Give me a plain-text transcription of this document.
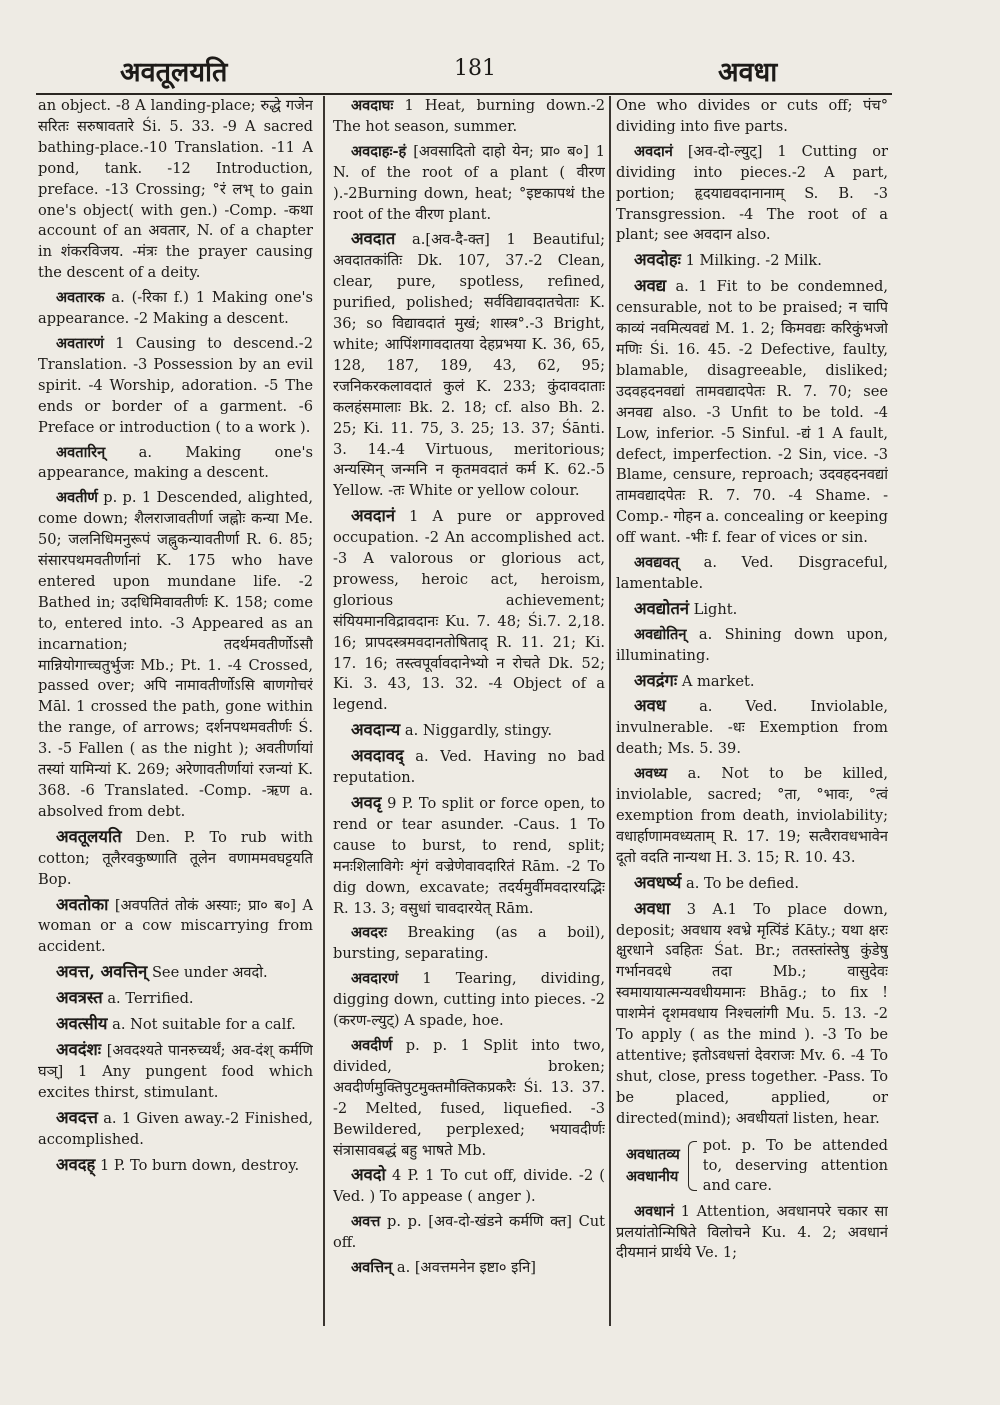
अवतूलयति	181	अवधा

an object. -8 A landing-place; रुद्धे गजेन सरितः सरुषावतारे Śi. 5. 33. -9 A sacred bathing-place.-10 Translation. -11 A pond, tank. -12 Introduction, preface. -13 Crossing; °रं लभ् to gain one's object( with gen.) -Comp. -कथा account of an अवतार, N. of a chapter in शंकरविजय. -मंत्रः the prayer causing the descent of a deity.

अवतारक a. (-रिका f.) 1 Making one's appearance. -2 Making a descent.

अवतारणं 1 Causing to descend.-2 Translation. -3 Possession by an evil spirit. -4 Worship, adoration. -5 The ends or border of a garment. -6 Preface or introduction ( to a work ).

अवतारिन् a. Making one's appearance, making a descent.

अवतीर्ण p. p. 1 Descended, alighted, come down; शैलराजावतीर्णा जह्नोः कन्या Me. 50; जलनिधिमनुरूपं जह्नुकन्यावतीर्णा R. 6. 85; संसारपथमवतीर्णानां K. 175 who have entered upon mundane life. -2 Bathed in; उदधिमिवावतीर्णः K. 158; come to, entered into. -3 Appeared as an incarnation; तदर्थमवतीर्णोऽसौ मान्नियोगाच्चतुर्भुजः Mb.; Pt. 1. -4 Crossed, passed over; अपि नामावतीर्णोऽसि बाणगोचरं Māl. 1 crossed the path, gone within the range, of arrows; दर्शनपथमवतीर्णः Ś. 3. -5 Fallen ( as the night ); अवतीर्णायां तस्यां यामिन्यां K. 269; अरेणावतीर्णायां रजन्यां K. 368. -6 Translated. -Comp. -ऋण a. absolved from debt.

अवतूलयति Den. P. To rub with cotton; तूलैरवकुष्णाति तूलेन वणाममवघट्टयति Bop.

अवतोका [अवपतितं तोकं अस्याः; प्रा० ब०] A woman or a cow miscarrying from accident.

अवत्त, अवत्तिन् See under अवदो.

अवत्रस्त a. Terrified.

अवत्सीय a. Not suitable for a calf.

अवदंशः [अवदश्यते पानरुच्यर्थं; अव-दंश् कर्मणि घञ्] 1 Any pungent food which excites thirst, stimulant.

अवदत्त a. 1 Given away.-2 Finished, accomplished.

अवदह् 1 P. To burn down, destroy.

अवदाघः 1 Heat, burning down.-2 The hot season, summer.

अवदाहः-हं [अवसादितो दाहो येन; प्रा० ब०] 1 N. of the root of a plant ( वीरण ).-2Burning down, heat; °इष्टकापथं the root of the वीरण plant.

अवदात a.[अव-दै-क्त] 1 Beautiful; अवदातकांतिः Dk. 107, 37.-2 Clean, clear, pure, spotless, refined, purified, polished; सर्वविद्यावदातचेताः K. 36; so विद्यावदातं मुखं; शास्त्र°.-3 Bright, white; आपिंशगावदातया देहप्रभया K. 36, 65, 128, 187, 189, 43, 62, 95; रजनिकरकलावदातं कुलं K. 233; कुंदावदाताः कलहंसमालाः Bk. 2. 18; cf. also Bh. 2. 25; Ki. 11. 75, 3. 25; 13. 37; Śānti. 3. 14.-4 Virtuous, meritorious; अन्यस्मिन् जन्मनि न कृतमवदातं कर्म K. 62.-5 Yellow. -तः White or yellow colour.

अवदानं 1 A pure or approved occupation. -2 An accomplished act. -3 A valorous or glorious act, prowess, heroic act, heroism, glorious achievement; संयियमानविद्रावदानः Ku. 7. 48; Śi.7. 2,18. 16; प्रापदस्त्रमवदानतोषिताद् R. 11. 21; Ki. 17. 16; तस्त्वपूर्वावदानेभ्यो न रोचते Dk. 52; Ki. 3. 43, 13. 32. -4 Object of a legend.

अवदान्य a. Niggardly, stingy.

अवदावद् a. Ved. Having no bad reputation.

अवदृ 9 P. To split or force open, to rend or tear asunder. -Caus. 1 To cause to burst, to rend, split; मनःशिलाविगेः शृंगं वज्रेणेवावदारितं Rām. -2 To dig down, excavate; तदर्यमुर्वीमवदारयद्भिः R. 13. 3; वसुधां चावदारयेत् Rām.

अवदरः Breaking (as a boil), bursting, separating.

अवदारणं 1 Tearing, dividing, digging down, cutting into pieces. -2 (करण-ल्युट्) A spade, hoe.

अवदीर्ण p. p. 1 Split into two, divided, broken; अवदीर्णमुक्तिपुटमुक्तमौक्तिकप्रकरैः Śi. 13. 37. -2 Melted, fused, liquefied. -3 Bewildered, perplexed; भयावदीर्णः संत्रासावबद्धं बहु भाषते Mb.

अवदो 4 P. 1 To cut off, divide. -2 ( Ved. ) To appease ( anger ).

अवत्त p. p. [अव-दो-खंडने कर्मणि क्त] Cut off.

अवत्तिन् a. [अवत्तमनेन इष्टा० इनि]

One who divides or cuts off; पंच° dividing into five parts.

अवदानं [अव-दो-ल्युट्] 1 Cutting or dividing into pieces.-2 A part, portion; हृदयाद्यवदानानाम् S. B. -3 Transgression. -4 The root of a plant; see अवदान also.

अवदोहः 1 Milking. -2 Milk.

अवद्य a. 1 Fit to be condemned, censurable, not to be praised; न चापि काव्यं नवमित्यवद्यं M. 1. 2; किमवद्यः करिकुंभजो मणिः Śi. 16. 45. -2 Defective, faulty, blamable, disagreeable, disliked; उदवहदनवद्यां तामवद्यादपेतः R. 7. 70; see अनवद्य also. -3 Unfit to be told. -4 Low, inferior. -5 Sinful. -द्यं 1 A fault, defect, imperfection. -2 Sin, vice. -3 Blame, censure, reproach; उदवहदनवद्यां तामवद्यादपेतः R. 7. 70. -4 Shame. -Comp.- गोहन a. concealing or keeping off want. -भीः f. fear of vices or sin.

अवद्यवत् a. Ved. Disgraceful, lamentable.

अवद्योतनं Light.

अवद्योतिन् a. Shining down upon, illuminating.

अवद्रंगः A market.

अवध a. Ved. Inviolable, invulnerable. -धः Exemption from death; Ms. 5. 39.

अवध्य a. Not to be killed, inviolable, sacred; °ता, °भावः, °त्वं exemption from death, inviolability; वधार्हाणामवध्यताम् R. 17. 19; सत्वैरावधभावेन दूतो वदति नान्यथा H. 3. 15; R. 10. 43.

अवधर्ष्य a. To be defied.

अवधा 3 A.1 To place down, deposit; अवधाय श्वभ्रे मृत्पिंडं Kāty.; यथा क्षरः क्षुरधाने ऽवहितः Śat. Br.; ततस्तांस्तेषु कुंडेषु गर्भानवदधे तदा Mb.; वासुदेवः स्वमायायात्मन्यवधीयमानः Bhāg.; to fix ! पाशमेनं दृशमवधाय निश्चलांगी Mu. 5. 13. -2 To apply ( as the mind ). -3 To be attentive; इतोऽवधत्तां देवराजः Mv. 6. -4 To shut, close, press together. -Pass. To be placed, applied, or directed(mind); अवधीयतां listen, hear.

अवधातव्य
अवधानीय
pot. p. To be attended to, deserving attention and care.

अवधानं 1 Attention, अवधानपरे चकार सा प्रलयांतोन्मिषिते विलोचने Ku. 4. 2; अवधानं दीयमानं प्रार्थये Ve. 1;
